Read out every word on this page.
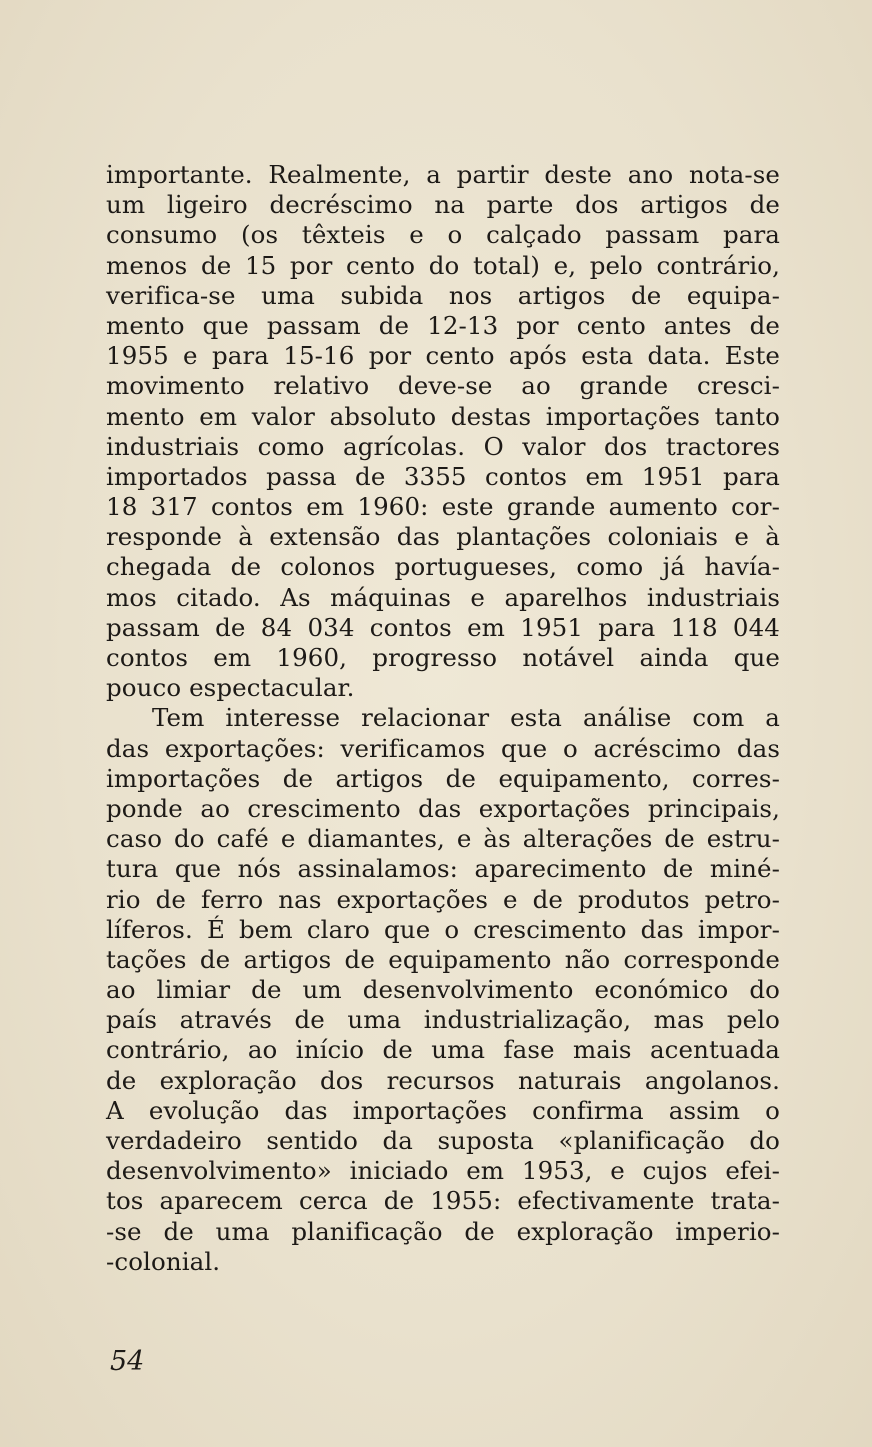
importante. Realmente, a partir deste ano nota-se
um ligeiro decréscimo na parte dos artigos de
consumo (os têxteis e o calçado passam para
menos de 15 por cento do total) e, pelo contrário,
verifica-se uma subida nos artigos de equipa-
mento que passam de 12-13 por cento antes de
1955 e para 15-16 por cento após esta data. Este
movimento relativo deve-se ao grande cresci-
mento em valor absoluto destas importações tanto
industriais como agrícolas. O valor dos tractores
importados passa de 3355 contos em 1951 para
18 317 contos em 1960: este grande aumento cor-
responde à extensão das plantações coloniais e à
chegada de colonos portugueses, como já havía-
mos citado. As máquinas e aparelhos industriais
passam de 84 034 contos em 1951 para 118 044
contos em 1960, progresso notável ainda que
pouco espectacular.
Tem interesse relacionar esta análise com a
das exportações: verificamos que o acréscimo das
importações de artigos de equipamento, corres-
ponde ao crescimento das exportações principais,
caso do café e diamantes, e às alterações de estru-
tura que nós assinalamos: aparecimento de miné-
rio de ferro nas exportações e de produtos petro-
líferos. É bem claro que o crescimento das impor-
tações de artigos de equipamento não corresponde
ao limiar de um desenvolvimento económico do
país através de uma industrialização, mas pelo
contrário, ao início de uma fase mais acentuada
de exploração dos recursos naturais angolanos.
A evolução das importações confirma assim o
verdadeiro sentido da suposta «planificação do
desenvolvimento» iniciado em 1953, e cujos efei-
tos aparecem cerca de 1955: efectivamente trata-
-se de uma planificação de exploração imperio-
-colonial.
54
